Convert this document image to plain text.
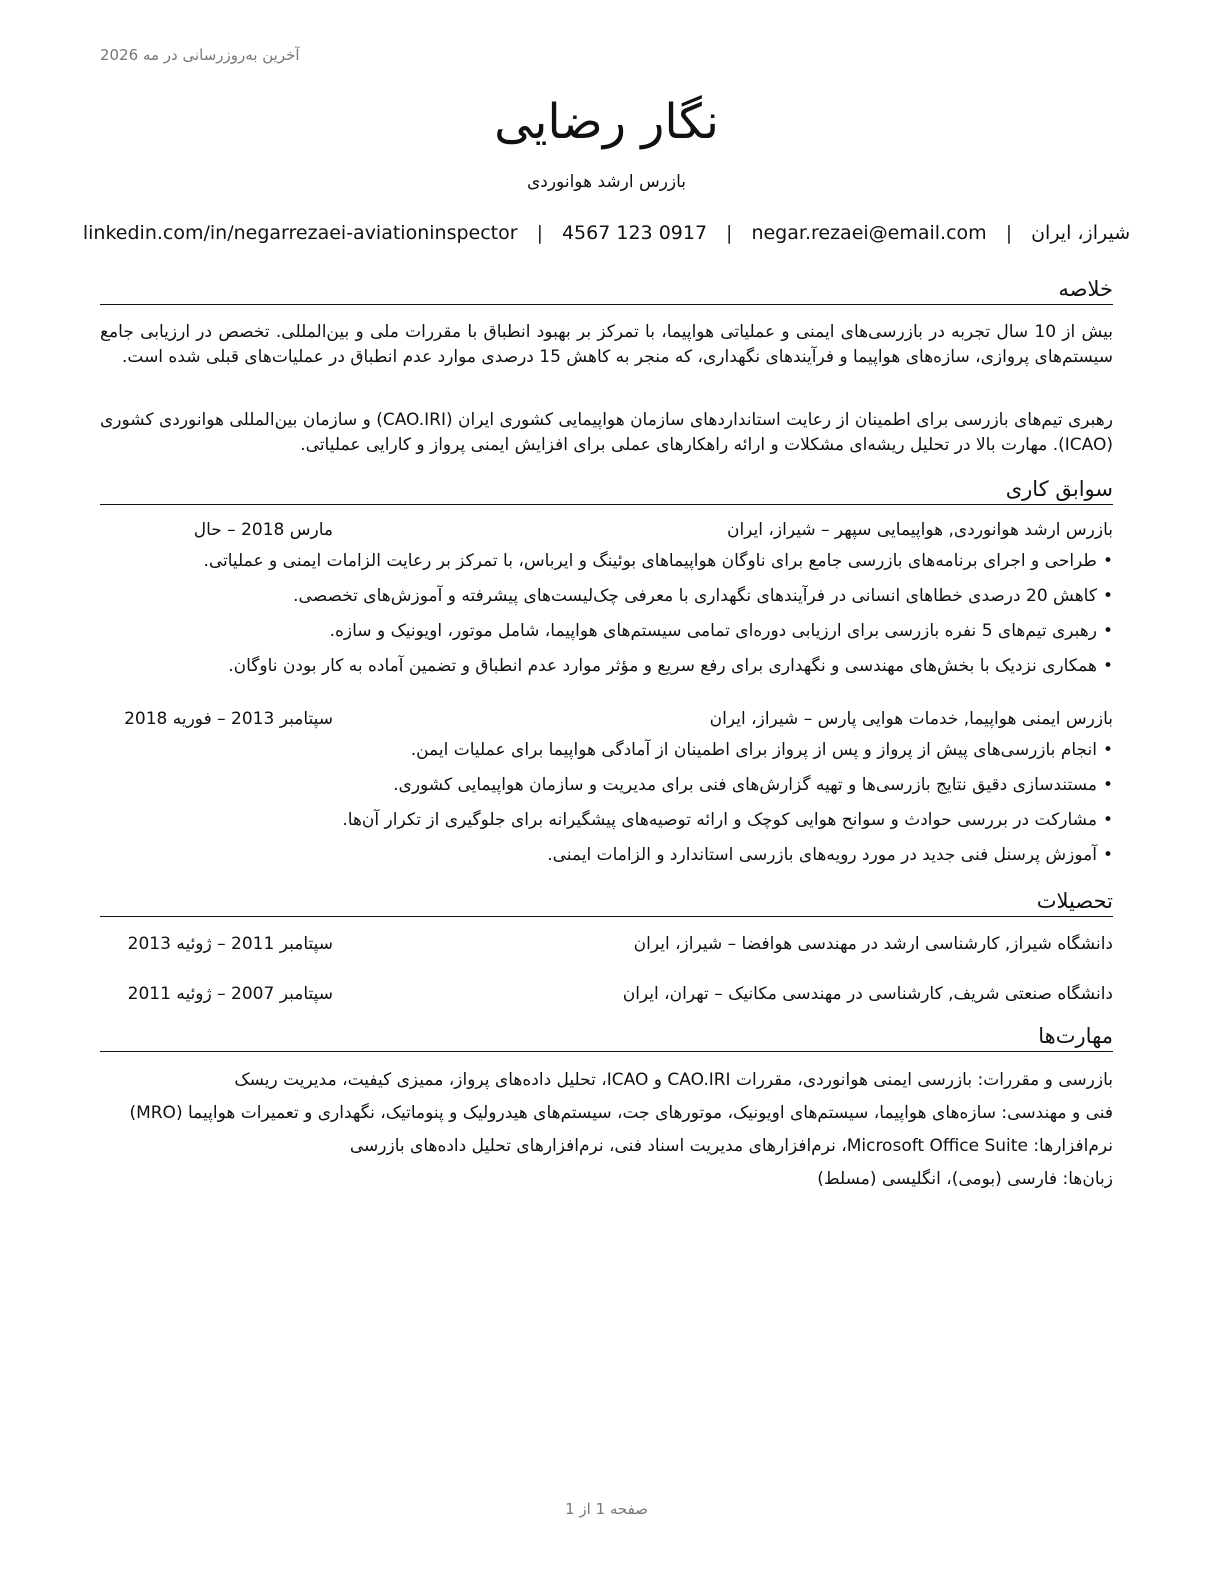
آخرین به‌روزرسانی در مه 2026
نگار رضایی
بازرس ارشد هوانوردی
شیراز، ایران
|
negar.rezaei@email.com
|
0917 123 4567
|
linkedin.com/in/negarrezaei-aviationinspector
خلاصه

بیش از 10 سال تجربه در بازرسی‌های ایمنی و عملیاتی هواپیما، با تمرکز بر بهبود انطباق با مقررات ملی و بین‌المللی. تخصص در ارزیابی جامع سیستم‌های پروازی، سازه‌های هواپیما و فرآیندهای نگهداری، که منجر به کاهش 15 درصدی موارد عدم انطباق در عملیات‌های قبلی شده است.

رهبری تیم‌های بازرسی برای اطمینان از رعایت استانداردهای سازمان هواپیمایی کشوری ایران (CAO.IRI) و سازمان بین‌المللی هوانوردی کشوری (ICAO). مهارت بالا در تحلیل ریشه‌ای مشکلات و ارائه راهکارهای عملی برای افزایش ایمنی پرواز و کارایی عملیاتی.

سوابق کاری
بازرس ارشد هوانوردی, هواپیمایی سپهر – شیراز، ایران
مارس 2018 – حال
•طراحی و اجرای برنامه‌های بازرسی جامع برای ناوگان هواپیماهای بوئینگ و ایرباس، با تمرکز بر رعایت الزامات ایمنی و عملیاتی.
•کاهش 20 درصدی خطاهای انسانی در فرآیندهای نگهداری با معرفی چک‌لیست‌های پیشرفته و آموزش‌های تخصصی.
•رهبری تیم‌های 5 نفره بازرسی برای ارزیابی دوره‌ای تمامی سیستم‌های هواپیما، شامل موتور، اویونیک و سازه.
•همکاری نزدیک با بخش‌های مهندسی و نگهداری برای رفع سریع و مؤثر موارد عدم انطباق و تضمین آماده به کار بودن ناوگان.
بازرس ایمنی هواپیما, خدمات هوایی پارس – شیراز، ایران
سپتامبر 2013 – فوریه 2018
•انجام بازرسی‌های پیش از پرواز و پس از پرواز برای اطمینان از آمادگی هواپیما برای عملیات ایمن.
•مستندسازی دقیق نتایج بازرسی‌ها و تهیه گزارش‌های فنی برای مدیریت و سازمان هواپیمایی کشوری.
•مشارکت در بررسی حوادث و سوانح هوایی کوچک و ارائه توصیه‌های پیشگیرانه برای جلوگیری از تکرار آن‌ها.
•آموزش پرسنل فنی جدید در مورد رویه‌های بازرسی استاندارد و الزامات ایمنی.
تحصیلات
دانشگاه شیراز, کارشناسی ارشد در مهندسی هوافضا – شیراز، ایران
سپتامبر 2011 – ژوئیه 2013
دانشگاه صنعتی شریف, کارشناسی در مهندسی مکانیک – تهران، ایران
سپتامبر 2007 – ژوئیه 2011
مهارت‌ها
بازرسی و مقررات: بازرسی ایمنی هوانوردی، مقررات CAO.IRI و ICAO، تحلیل داده‌های پرواز، ممیزی کیفیت، مدیریت ریسک
فنی و مهندسی: سازه‌های هواپیما، سیستم‌های اویونیک، موتورهای جت، سیستم‌های هیدرولیک و پنوماتیک، نگهداری و تعمیرات هواپیما (MRO)
نرم‌افزارها: Microsoft Office Suite، نرم‌افزارهای مدیریت اسناد فنی، نرم‌افزارهای تحلیل داده‌های بازرسی
زبان‌ها: فارسی (بومی)، انگلیسی (مسلط)
صفحه 1 از 1
